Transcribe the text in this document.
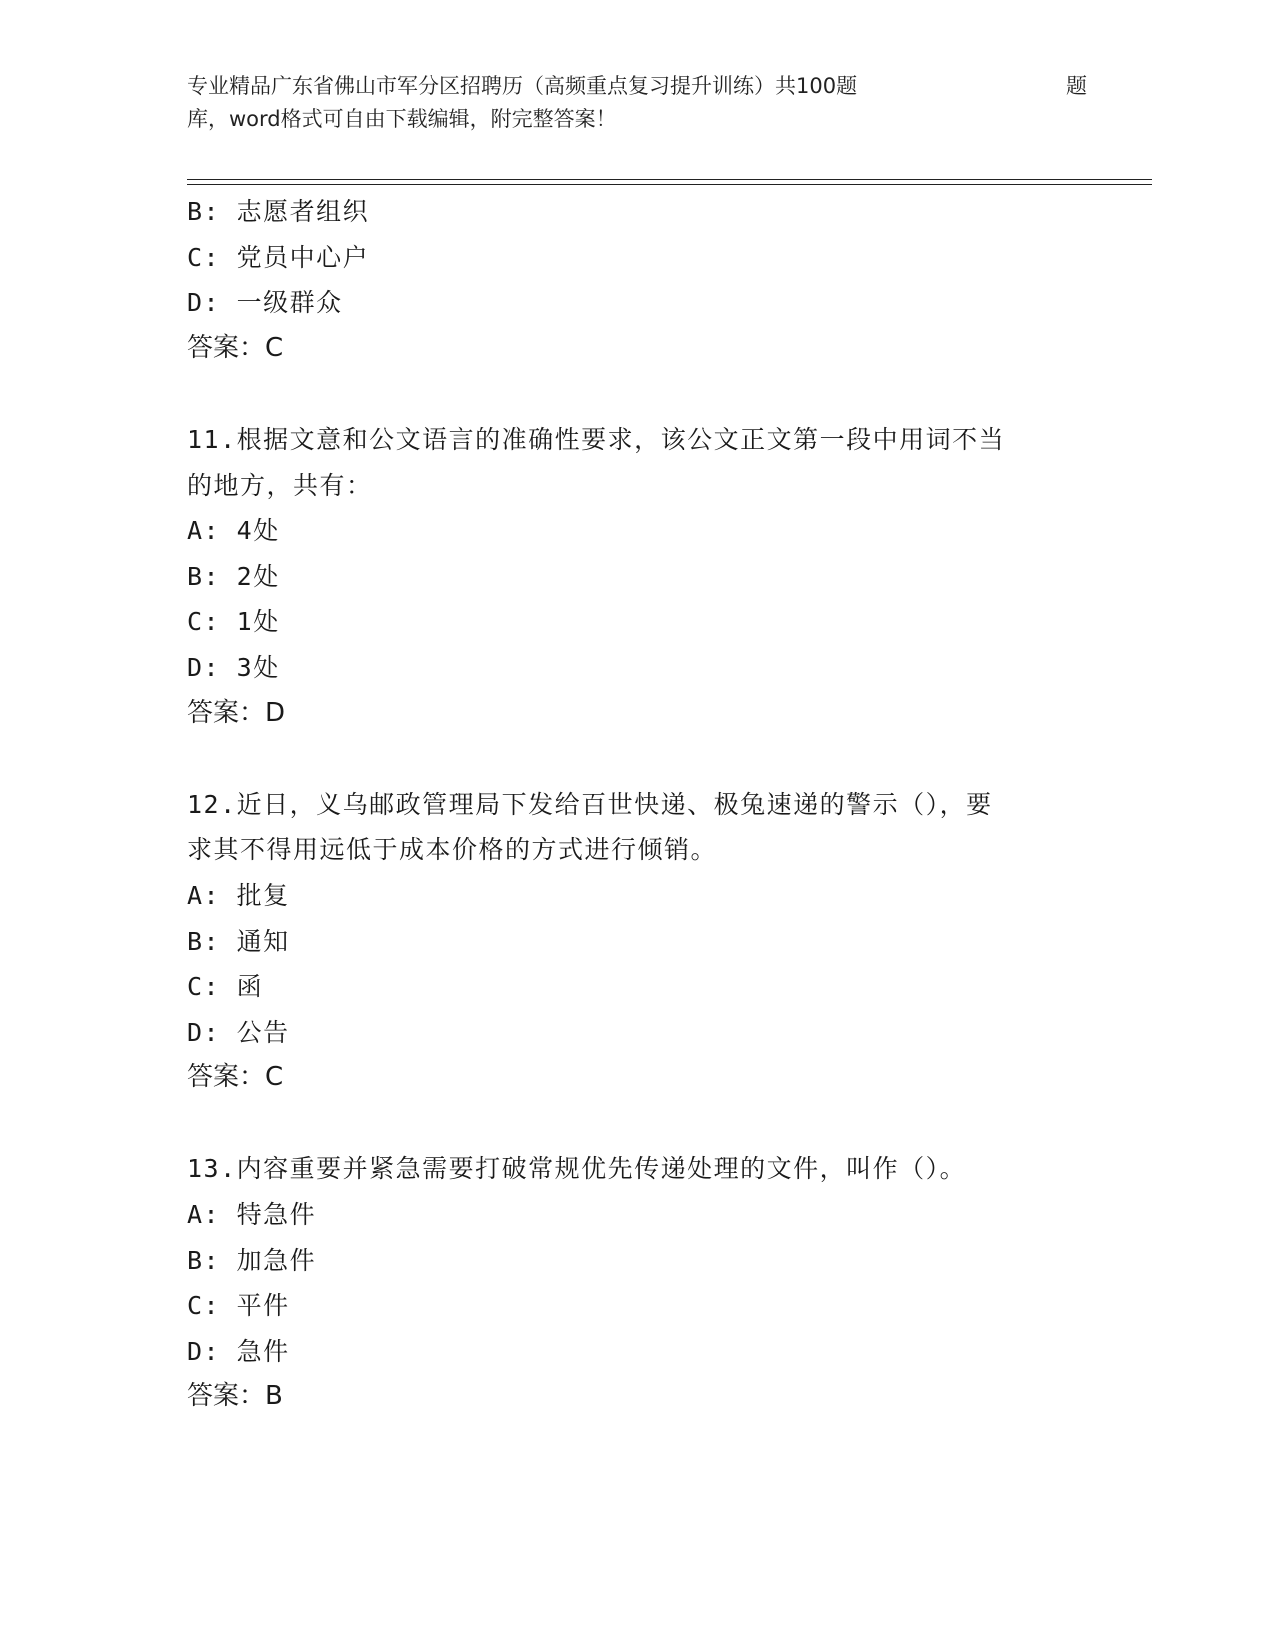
专业精品广东省佛山市军分区招聘历（高频重点复习提升训练）共100题	题
库，word格式可自由下载编辑，附完整答案！
B: 志愿者组织
C: 党员中心户
D: 一级群众
答案：C
11.根据文意和公文语言的准确性要求，该公文正文第一段中用词不当
的地方，共有：
A: 4处
B: 2处
C: 1处
D: 3处
答案：D
12.近日，义乌邮政管理局下发给百世快递、极兔速递的警示（），要
求其不得用远低于成本价格的方式进行倾销。
A: 批复
B: 通知
C: 函
D: 公告
答案：C
13.内容重要并紧急需要打破常规优先传递处理的文件，叫作（）。
A: 特急件
B: 加急件
C: 平件
D: 急件
答案：B
